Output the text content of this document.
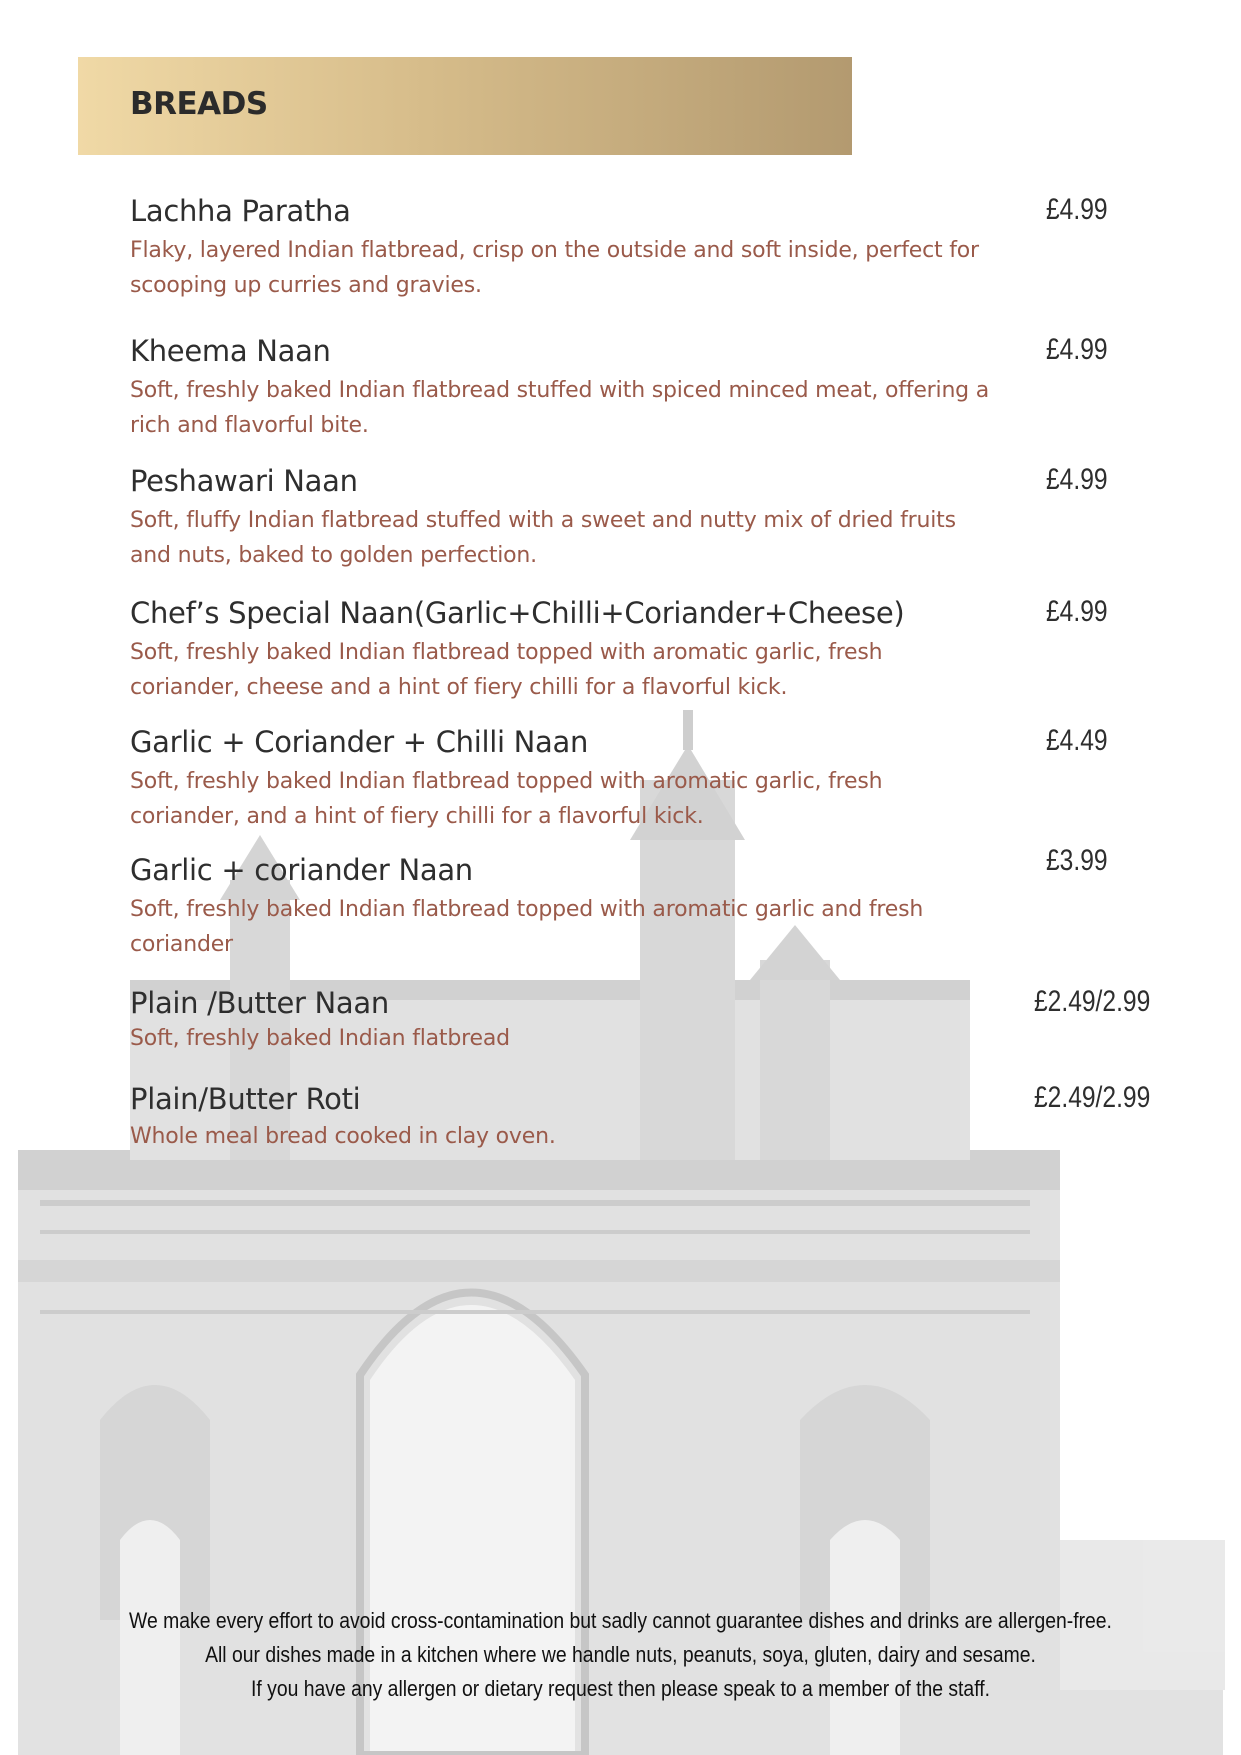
BREADS
Lachha Paratha
Flaky, layered Indian flatbread, crisp on the outside and soft inside, perfect for scooping up curries and gravies.
£4.99
Kheema Naan
Soft, freshly baked Indian flatbread stuffed with spiced minced meat, offering a rich and flavorful bite.
£4.99
Peshawari Naan
Soft, fluffy Indian flatbread stuffed with a sweet and nutty mix of dried fruits and nuts, baked to golden perfection.
£4.99
Chef’s Special Naan(Garlic+Chilli+Coriander+Cheese)
Soft, freshly baked Indian flatbread topped with aromatic garlic, fresh coriander, cheese and a hint of fiery chilli for a flavorful kick.
£4.99
Garlic + Coriander + Chilli Naan
Soft, freshly baked Indian flatbread topped with aromatic garlic, fresh coriander, and a hint of fiery chilli for a flavorful kick.
£4.49
Garlic + coriander Naan
Soft, freshly baked Indian flatbread topped with aromatic garlic and fresh coriander
£3.99
Plain /Butter Naan
Soft, freshly baked Indian flatbread
£2.49/2.99
Plain/Butter Roti
Whole meal bread cooked in clay oven.
£2.49/2.99
We make every effort to avoid cross-contamination but sadly cannot guarantee dishes and drinks are allergen-free.
All our dishes made in a kitchen where we handle nuts, peanuts, soya, gluten, dairy and sesame.
If you have any allergen or dietary request then please speak to a member of the staff.
